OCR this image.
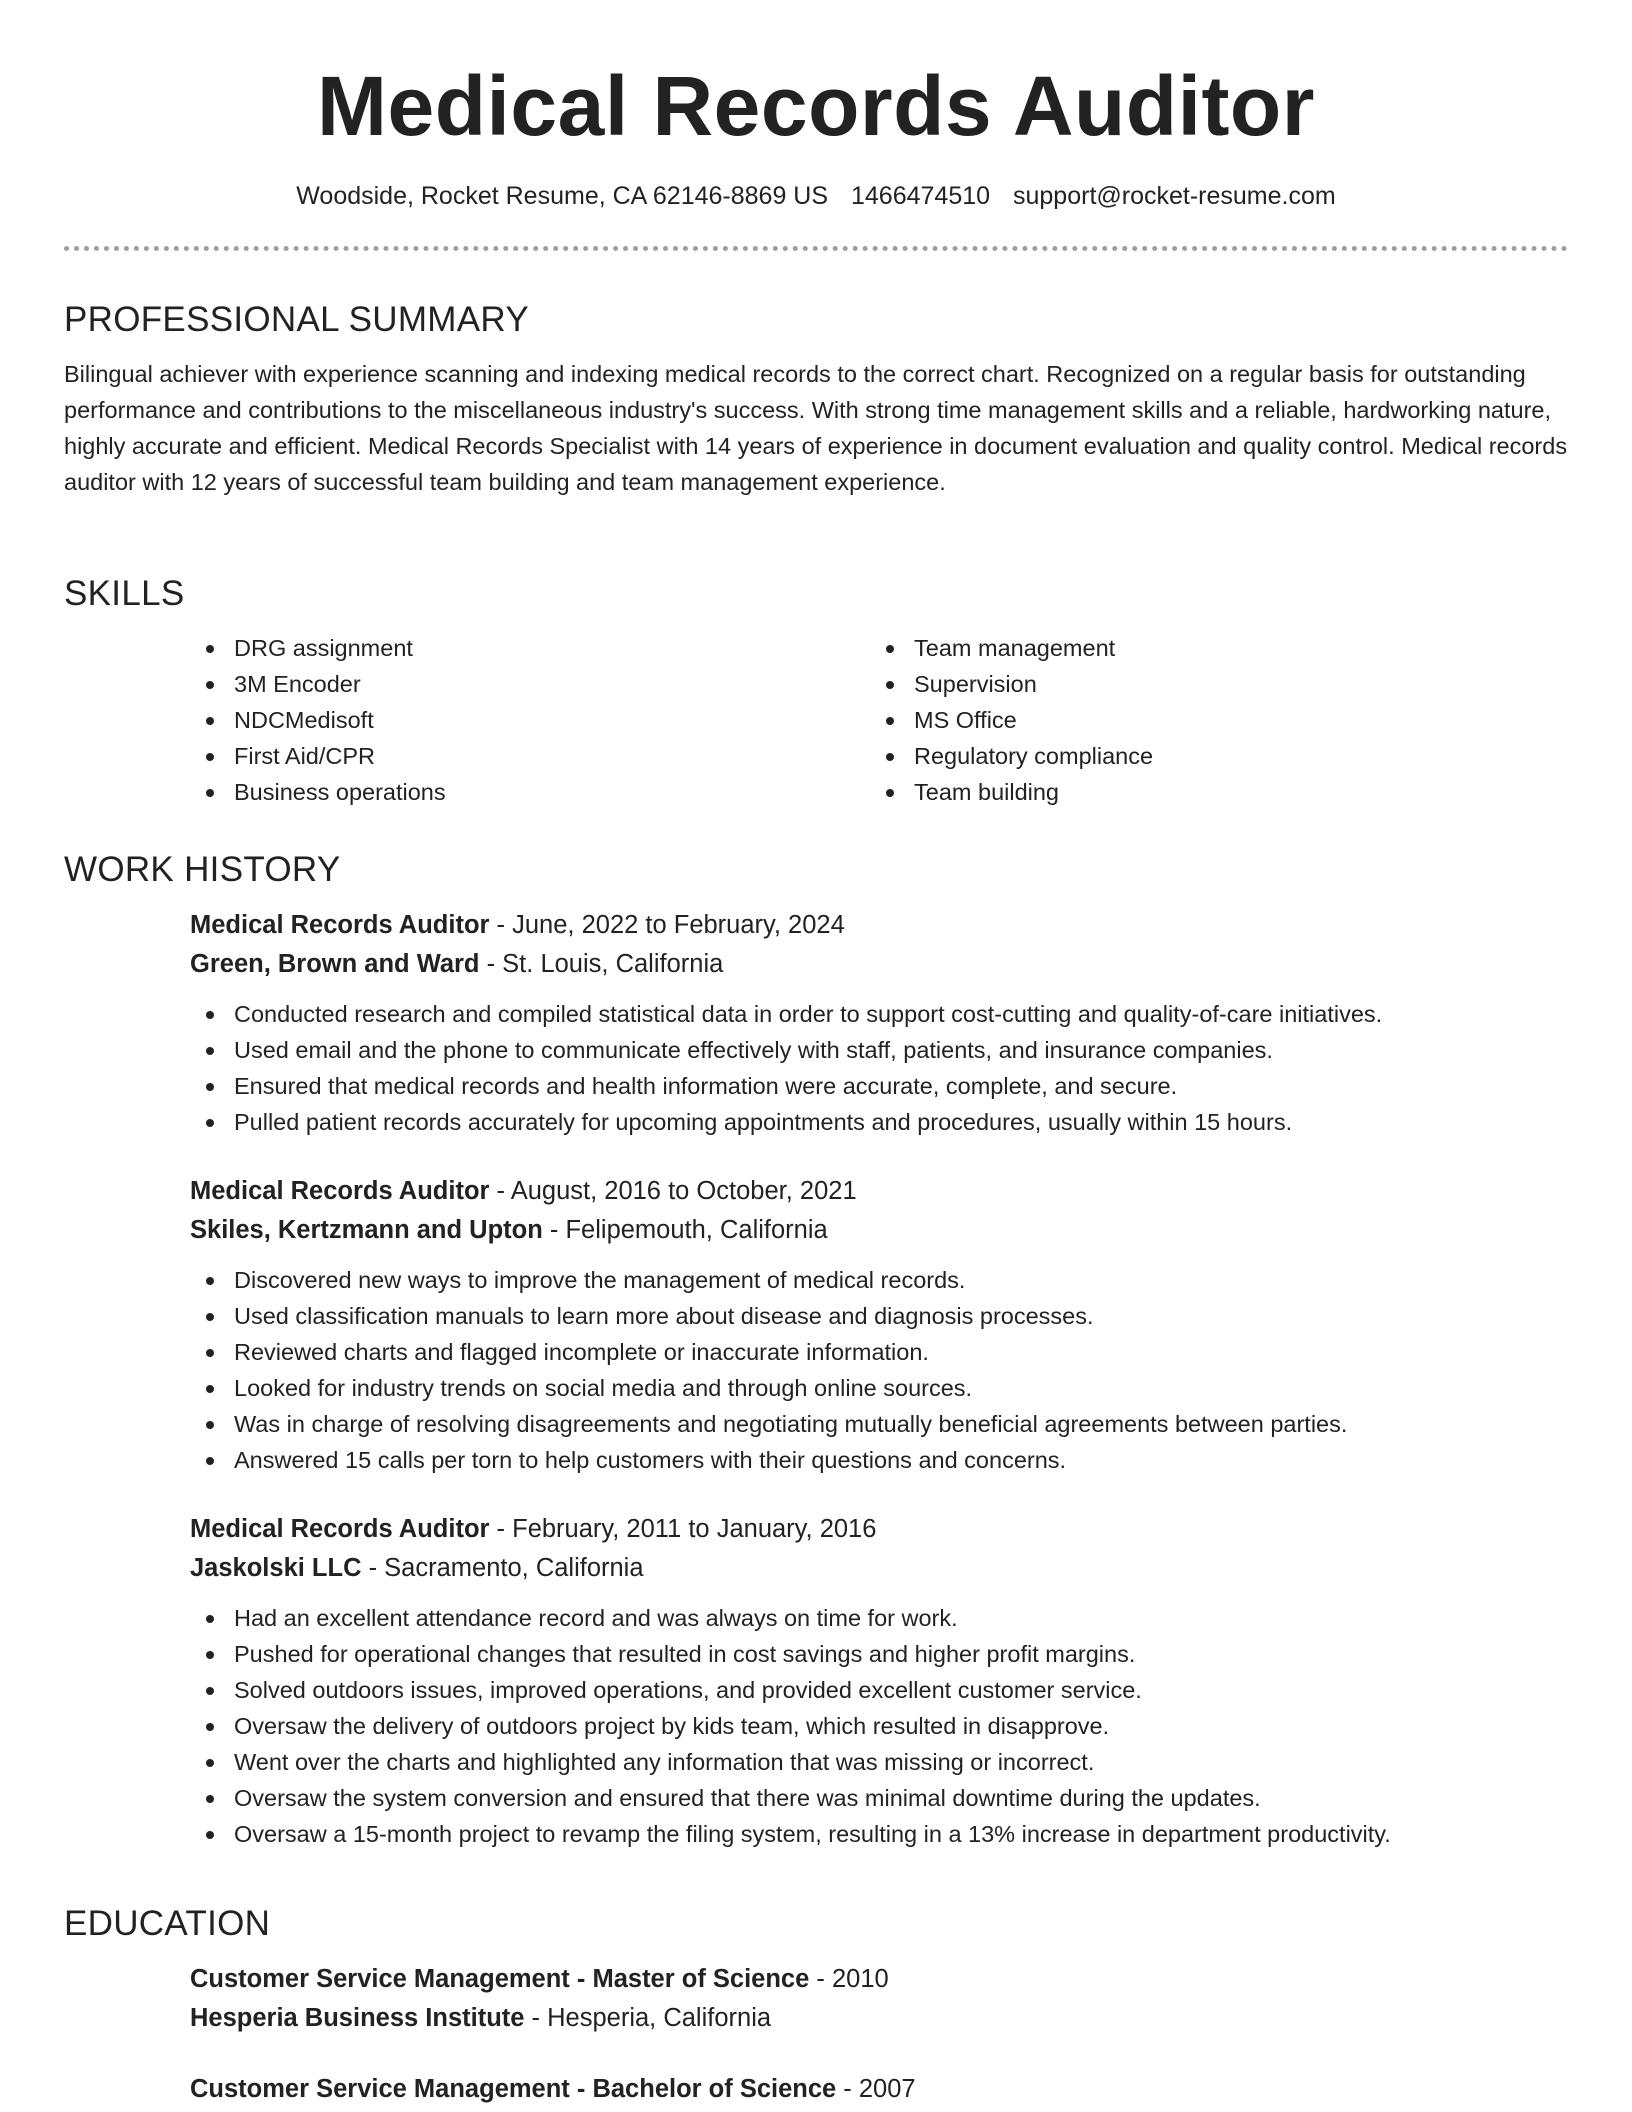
Medical Records Auditor
Woodside, Rocket Resume, CA 62146-8869 US 1466474510 support@rocket-resume.com
PROFESSIONAL SUMMARY

Bilingual achiever with experience scanning and indexing medical records to the correct chart. Recognized on a regular basis for outstanding performance and contributions to the miscellaneous industry's success. With strong time management skills and a reliable, hardworking nature, highly accurate and efficient. Medical Records Specialist with 14 years of experience in document evaluation and quality control. Medical records auditor with 12 years of successful team building and team management experience.

SKILLS
DRG assignment
3M Encoder
NDCMedisoft
First Aid/CPR
Business operations
Team management
Supervision
MS Office
Regulatory compliance
Team building
WORK HISTORY
Medical Records Auditor - June, 2022 to February, 2024
Green, Brown and Ward - St. Louis, California
Conducted research and compiled statistical data in order to support cost-cutting and quality-of-care initiatives.
Used email and the phone to communicate effectively with staff, patients, and insurance companies.
Ensured that medical records and health information were accurate, complete, and secure.
Pulled patient records accurately for upcoming appointments and procedures, usually within 15 hours.
Medical Records Auditor - August, 2016 to October, 2021
Skiles, Kertzmann and Upton - Felipemouth, California
Discovered new ways to improve the management of medical records.
Used classification manuals to learn more about disease and diagnosis processes.
Reviewed charts and flagged incomplete or inaccurate information.
Looked for industry trends on social media and through online sources.
Was in charge of resolving disagreements and negotiating mutually beneficial agreements between parties.
Answered 15 calls per torn to help customers with their questions and concerns.
Medical Records Auditor - February, 2011 to January, 2016
Jaskolski LLC - Sacramento, California
Had an excellent attendance record and was always on time for work.
Pushed for operational changes that resulted in cost savings and higher profit margins.
Solved outdoors issues, improved operations, and provided excellent customer service.
Oversaw the delivery of outdoors project by kids team, which resulted in disapprove.
Went over the charts and highlighted any information that was missing or incorrect.
Oversaw the system conversion and ensured that there was minimal downtime during the updates.
Oversaw a 15-month project to revamp the filing system, resulting in a 13% increase in department productivity.
EDUCATION
Customer Service Management - Master of Science - 2010
Hesperia Business Institute - Hesperia, California
Customer Service Management - Bachelor of Science - 2007
